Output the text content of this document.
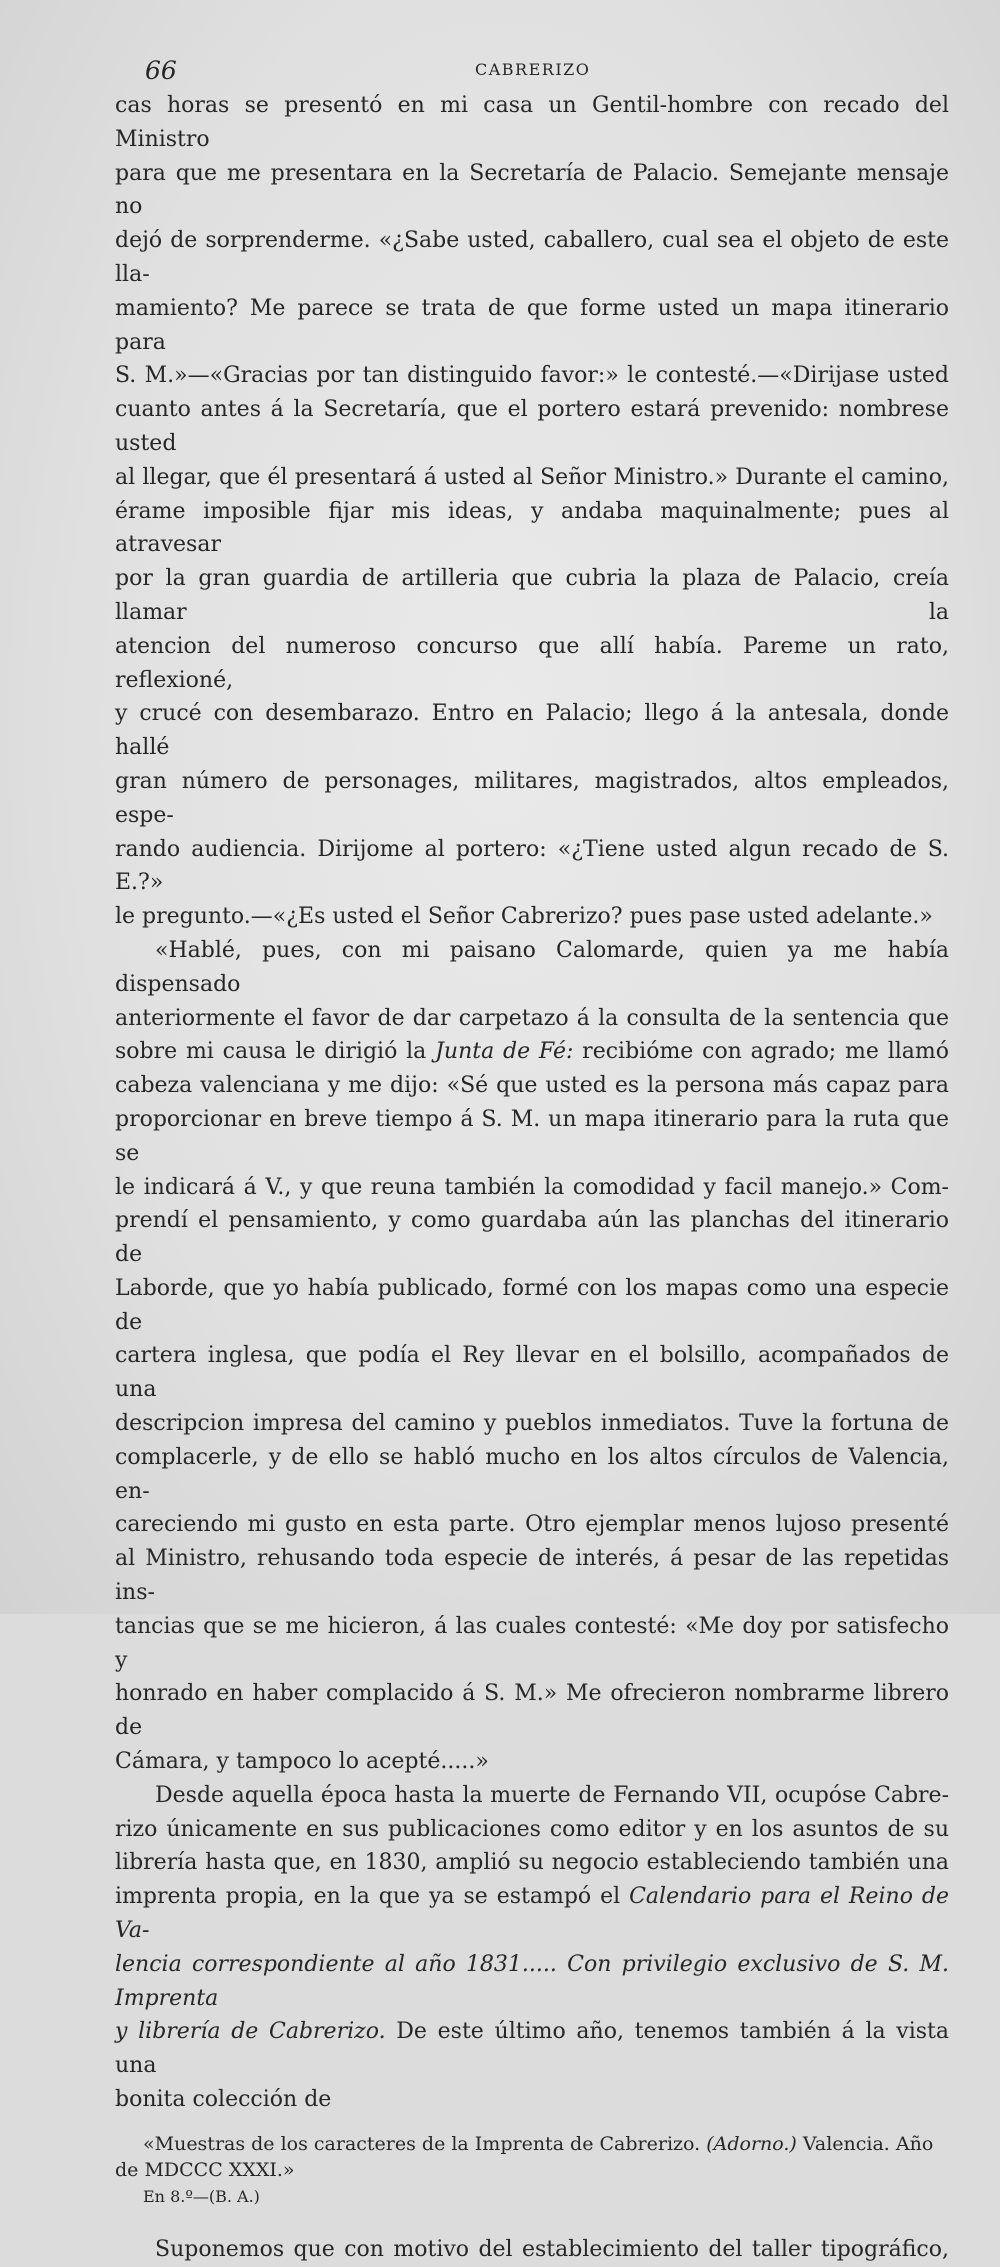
66	CABRERIZO

cas horas se presentó en mi casa un Gentil-hombre con recado del Ministro

para que me presentara en la Secretaría de Palacio. Semejante mensaje no

dejó de sorprenderme. «¿Sabe usted, caballero, cual sea el objeto de este lla-

mamiento? Me parece se trata de que forme usted un mapa itinerario para

S. M.»—«Gracias por tan distinguido favor:» le contesté.—«Dirijase usted

cuanto antes á la Secretaría, que el portero estará prevenido: nombrese usted

al llegar, que él presentará á usted al Señor Ministro.» Durante el camino,

érame imposible fijar mis ideas, y andaba maquinalmente; pues al atravesar

por la gran guardia de artilleria que cubria la plaza de Palacio, creía llamar la

atencion del numeroso concurso que allí había. Pareme un rato, reflexioné,

y crucé con desembarazo. Entro en Palacio; llego á la antesala, donde hallé

gran número de personages, militares, magistrados, altos empleados, espe-

rando audiencia. Dirijome al portero: «¿Tiene usted algun recado de S. E.?»

le pregunto.—«¿Es usted el Señor Cabrerizo? pues pase usted adelante.»

«Hablé, pues, con mi paisano Calomarde, quien ya me había dispensado

anteriormente el favor de dar carpetazo á la consulta de la sentencia que

sobre mi causa le dirigió la Junta de Fé: recibióme con agrado; me llamó

cabeza valenciana y me dijo: «Sé que usted es la persona más capaz para

proporcionar en breve tiempo á S. M. un mapa itinerario para la ruta que se

le indicará á V., y que reuna también la comodidad y facil manejo.» Com-

prendí el pensamiento, y como guardaba aún las planchas del itinerario de

Laborde, que yo había publicado, formé con los mapas como una especie de

cartera inglesa, que podía el Rey llevar en el bolsillo, acompañados de una

descripcion impresa del camino y pueblos inmediatos. Tuve la fortuna de

complacerle, y de ello se habló mucho en los altos círculos de Valencia, en-

careciendo mi gusto en esta parte. Otro ejemplar menos lujoso presenté

al Ministro, rehusando toda especie de interés, á pesar de las repetidas ins-

tancias que se me hicieron, á las cuales contesté: «Me doy por satisfecho y

honrado en haber complacido á S. M.» Me ofrecieron nombrarme librero de

Cámara, y tampoco lo acepté.....»

Desde aquella época hasta la muerte de Fernando VII, ocupóse Cabre-

rizo únicamente en sus publicaciones como editor y en los asuntos de su

librería hasta que, en 1830, amplió su negocio estableciendo también una

imprenta propia, en la que ya se estampó el Calendario para el Reino de Va-

lencia correspondiente al año 1831..... Con privilegio exclusivo de S. M. Imprenta

y librería de Cabrerizo. De este último año, tenemos también á la vista una

bonita colección de

«Muestras de los caracteres de la Imprenta de Cabrerizo. (Adorno.) Valencia. Año

de MDCCC XXXI.»

En 8.º—(B. A.)

Suponemos que con motivo del establecimiento del taller tipográfico,
